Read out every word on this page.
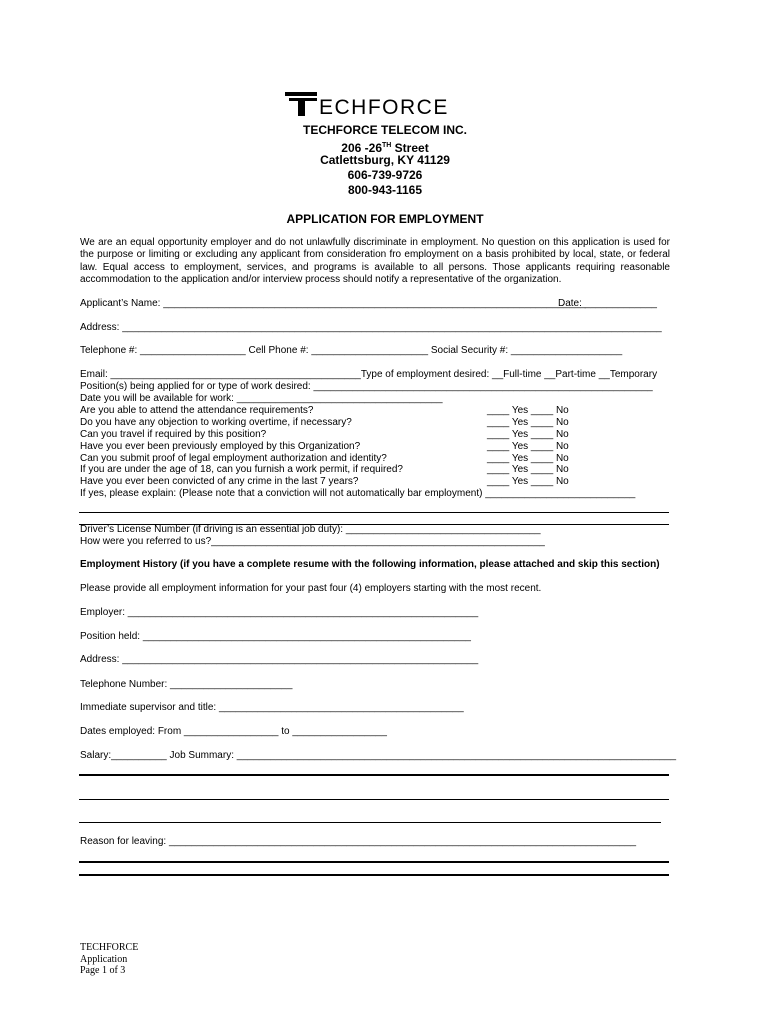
ECHFORCE
TECHFORCE TELECOM INC.
206 -26TH Street
Catlettsburg, KY 41129
606-739-9726
800-943-1165
APPLICATION FOR EMPLOYMENT
We are an equal opportunity employer and do not unlawfully discriminate in employment. No question on this application is used for the purpose or limiting or excluding any applicant from consideration fro employment on a basis prohibited by local, state, or federal law. Equal access to employment, services, and programs is available to all persons. Those applicants requiring reasonable accommodation to the application and/or interview process should notify a representative of the organization.
Applicant’s Name: ____________________________________________________________________________
Date: _____________
Address: _________________________________________________________________________________________________
Telephone #: ___________________ Cell Phone #: _____________________ Social Security #: ____________________
Email: _____________________________________________Type of employment desired: __Full-time __Part-time __Temporary
Position(s) being applied for or type of work desired: _____________________________________________________________
Date you will be available for work: _____________________________________
Are you able to attend the attendance requirements?	____ Yes ____ No
Do you have any objection to working overtime, if necessary?	____ Yes ____ No
Can you travel if required by this position?	____ Yes ____ No
Have you ever been previously employed by this Organization?	____ Yes ____ No
Can you submit proof of legal employment authorization and identity?	____ Yes ____ No
If you are under the age of 18, can you furnish a work permit, if required?	____ Yes ____ No
Have you ever been convicted of any crime in the last 7 years?	____ Yes ____ No
If yes, please explain: (Please note that a conviction will not automatically bar employment) ___________________________
Driver’s License Number (if driving is an essential job duty): ___________________________________
How were you referred to us?____________________________________________________________
Employment History (if you have a complete resume with the following information, please attached and skip this section)
Please provide all employment information for your past four (4) employers starting with the most recent.
Employer: _______________________________________________________________
Position held: ___________________________________________________________
Address: ________________________________________________________________
Telephone Number: ______________________
Immediate supervisor and title: ____________________________________________
Dates employed: From _________________ to _________________
Salary:__________ Job Summary: _______________________________________________________________________________
Reason for leaving: ____________________________________________________________________________________
TECHFORCE
Application
Page 1 of 3
